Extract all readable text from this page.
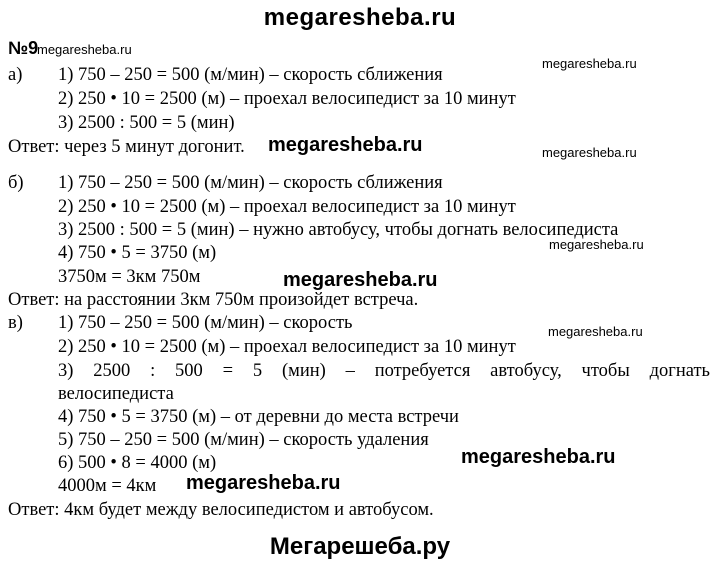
megaresheba.ru
№9
megaresheba.ru
megaresheba.ru
megaresheba.ru
megaresheba.ru
megaresheba.ru
megaresheba.ru
megaresheba.ru
megaresheba.ru
megaresheba.ru
а) 1) 750 – 250 = 500 (м/мин) – скорость сближения
2) 250 • 10 = 2500 (м) – проехал велосипедист за 10 минут
3) 2500 : 500 = 5 (мин)
Ответ: через 5 минут догонит.
б) 1) 750 – 250 = 500 (м/мин) – скорость сближения
2) 250 • 10 = 2500 (м) – проехал велосипедист за 10 минут
3) 2500 : 500 = 5 (мин) – нужно автобусу, чтобы догнать велосипедиста
4) 750 • 5 = 3750 (м)
3750м = 3км 750м
Ответ: на расстоянии 3км 750м произойдет встреча.
в) 1) 750 – 250 = 500 (м/мин) – скорость
2) 250 • 10 = 2500 (м) – проехал велосипедист за 10 минут
3) 2500 : 500 = 5 (мин) – потребуется автобусу, чтобы догнать
велосипедиста
4) 750 • 5 = 3750 (м) – от деревни до места встречи
5) 750 – 250 = 500 (м/мин) – скорость удаления
6) 500 • 8 = 4000 (м)
4000м = 4км
Ответ: 4км будет между велосипедистом и автобусом.
Мегарешеба.ру
